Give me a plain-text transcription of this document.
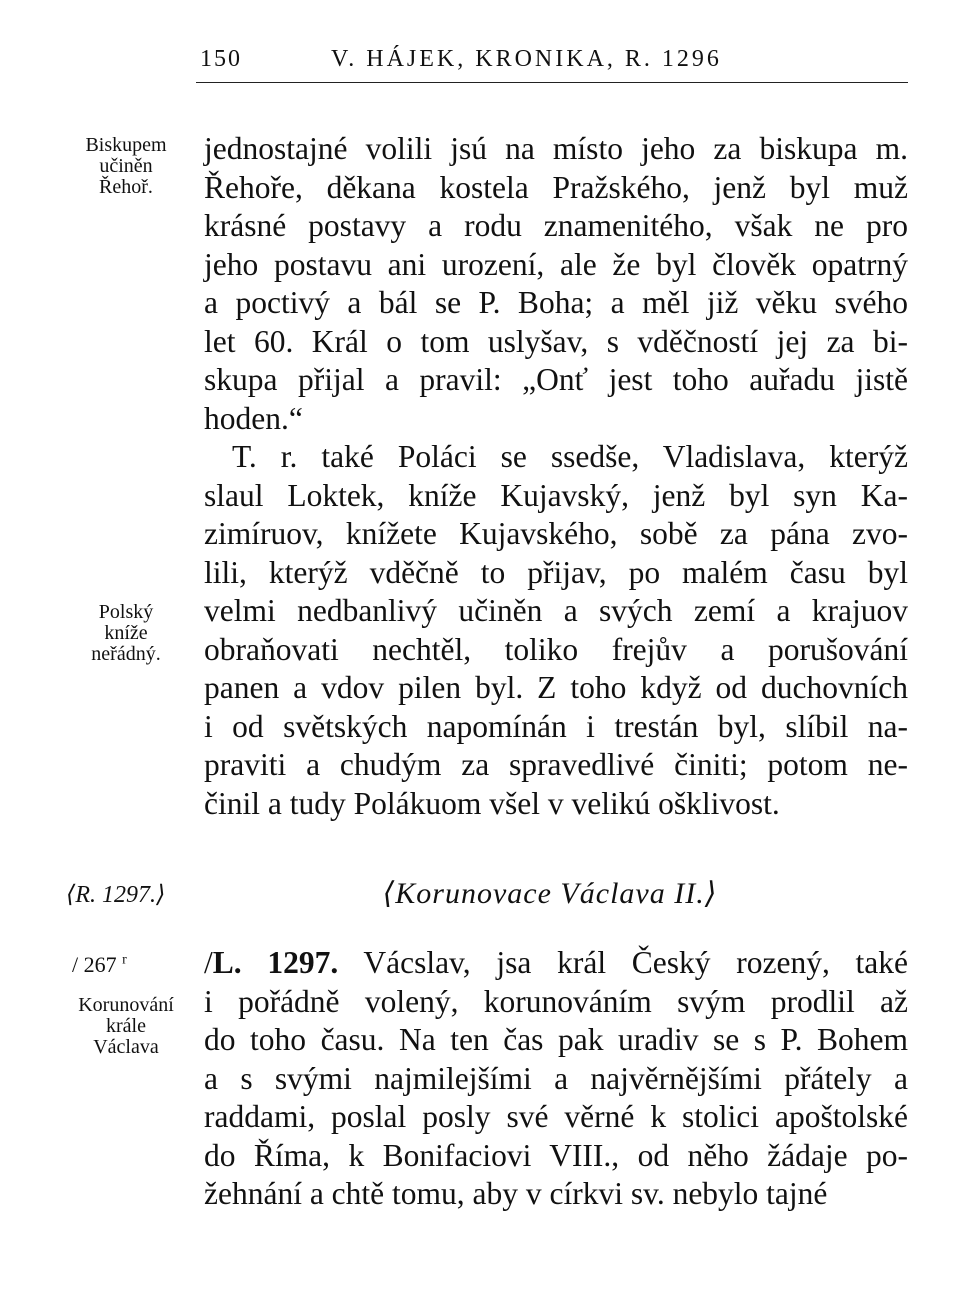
150	V. HÁJEK, KRONIKA, R. 1296
Biskupem
učiněn
Řehoř.
Polský
kníže
neřádný.
Korunování
krále
Václava
jednostajné volili jsú na místo jeho za biskupa m.
Řehoře, děkana kostela Pražského, jenž byl muž
krásné postavy a rodu znamenitého, však ne pro
jeho postavu ani urození, ale že byl člověk opatrný
a poctivý a bál se P. Boha; a měl již věku svého
let 60. Král o tom uslyšav, s vděčností jej za bi-
skupa přijal a pravil: „Onť jest toho auřadu jistě
hoden.“
T. r. také Poláci se ssedše, Vladislava, kterýž
slaul Loktek, kníže Kujavský, jenž byl syn Ka-
zimíruov, knížete Kujavského, sobě za pána zvo-
lili, kterýž vděčně to přijav, po malém času byl
velmi nedbanlivý učiněn a svých zemí a krajuov
obraňovati nechtěl, toliko frejův a porušování
panen a vdov pilen byl. Z toho když od duchovních
i od světských napomínán i trestán byl, slíbil na-
praviti a chudým za spravedlivé činiti; potom ne-
činil a tudy Polákuom všel v velikú ošklivost.
⟨R. 1297.⟩	⟨Korunovace Václava II.⟩
/ 267 $^r$ /L. 1297. Vácslav, jsa král Český rozený, také
i pořádně volený, korunováním svým prodlil až
do toho času. Na ten čas pak uradiv se s P. Bohem
a s svými najmilejšími a najvěrnějšími přátely a
raddami, poslal posly své věrné k stolici apoštolské
do Říma, k Bonifaciovi VIII., od něho žádaje po-
žehnání a chtě tomu, aby v církvi sv. nebylo tajné
